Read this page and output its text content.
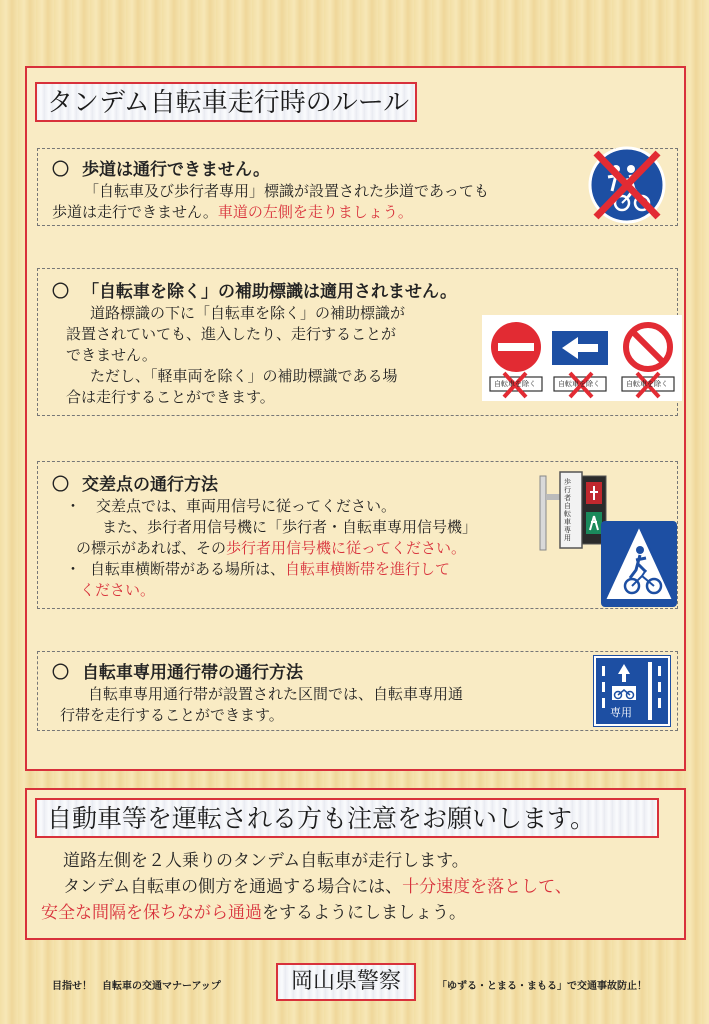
タンデム自転車走行時のルール
〇 歩道は通行できません。
「自転車及び歩行者専用」標識が設置された歩道であっても
歩道は走行できません。車道の左側を走りましょう。
〇 「自転車を除く」の補助標識は適用されません。
道路標識の下に「自転車を除く」の補助標識が
設置されていても、進入したり、走行することが
できません。
ただし、「軽車両を除く」の補助標識である場
合は走行することができます。
自転車を除く	自転車を除く	自転車を除く
〇 交差点の通行方法
・ 交差点では、車両用信号に従ってください。
また、歩行者用信号機に「歩行者・自転車専用信号機」
の標示があれば、その歩行者用信号機に従ってください。
・ 自転車横断帯がある場所は、自転車横断帯を進行して
ください。
歩行者自転車専用
〇 自転車専用通行帯の通行方法
自転車専用通行帯が設置された区間では、自転車専用通
行帯を走行することができます。	専用
自動車等を運転される方も注意をお願いします。
道路左側を２人乗りのタンデム自転車が走行します。
タンデム自転車の側方を通過する場合には、十分速度を落として、
安全な間隔を保ちながら通過をするようにしましょう。
目指せ！　自転車の交通マナーアップ	岡山県警察	「ゆずる・とまる・まもる」で交通事故防止！
